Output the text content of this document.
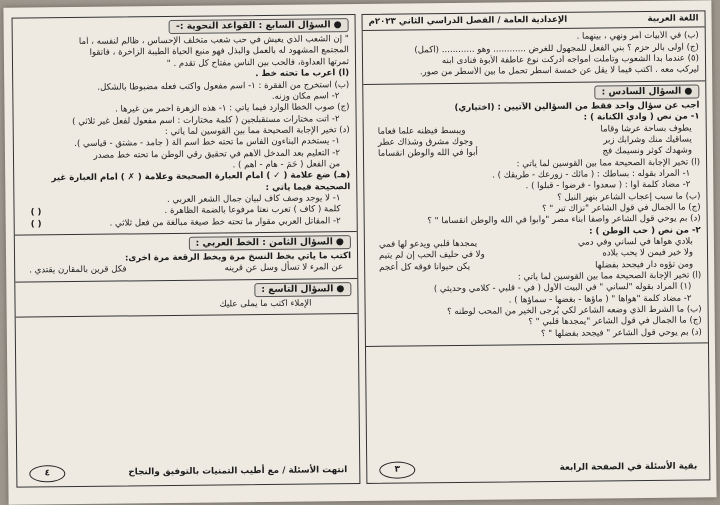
●السؤال السابع : القواعد النحوية :-
" إن الشعب الذي يعيش في حب شعب متخلف الإحساس ، ظالم لنفسه ، أما
المجتمع المشهود له بالعمل والبذل فهو منبع الحياة الطيبة الزاخرة ، فاتقوا
ثمرتها العداوة، فالحب بين الناس مفتاح كل تقدم . "
(أ) أعرب ما تحته خط .
(ب) استخرج من الفقرة : ١- اسم مفعول واكتب فعله مضبوطا بالشكل.
٢- اسم مكان وزنه.
(ج) صوب الخطأ الوارد فيما يأتي : ١- هذه الزهرة أحمر من غيرها .
٢- أتت مختارات مستقبلجين ( كلمة مختارات : اسم مفعول لفعل غير ثلاثي )
(د) تخير الإجابة الصحيحة مما بين القوسين لما يأتي :
١- يستخدم البناءون الفأس ما تحته خط اسم آلة ( جامد - مشتق - قياسي ).
٢- التعليم بعد المدخل الأهم في تحقيق رقي الوطن ما تحته خط مصدر
من الفعل ( حَمَ - هام - أهم ) .
(هـ) ضع علامة ( ✓ ) أمام العبارة الصحيحة وعلامة ( ✗ ) أمام العبارة غير
الصحيحة فيما يأتي :
١- لا يوجد وصف كاف لبيان جمال الشعر العربي .
كلمة ( كاف ) تعرب نعتا مرفوعا بالضمة الظاهرة .
( )
٢- المقاتل العربي مقوار ما تحته خط صيغة مبالغة من فعل ثلاثي .
( )
●السؤال الثامن : الخط العربي :
اكتب ما يأتي بخط النسخ مرة وبخط الرقعة مرة أخرى:
عن المرء لا تسأل وسل عن قرينه
فكل قرين بالمقارن يقتدي .
●السؤال التاسع :
الإملاء اكتب ما يملى عليك
انتهت الأسئلة / مع أطيب التمنيات بالتوفيق والنجاح
٤
اللغة العربية
الإعدادية العامة / الفصل الدراسي الثاني ٢٠٢٣م
(ب) في الأبيات أمر ونهي ، بينهما .
(ج) أولى بالر حزم ؟ بني الفعل للمجهول للغرض ............ وهو ............ (أكمل)
(٥) عندما بدأ الشعوب وتأملت أمواجه أدركت نوع عاطفة الأبوة فنادى ابنه
ليركب معه . اكتب فيما لا يقل عن خمسة أسطر تحمل ما بين الأسطر من صور.
●السؤال السادس :
أجب عن سؤال واحد فقط من السؤالين الآتيين : (اختياري)
١- من نص ( وادي الكنانة ) :
يطوف بساحة عرشا وقاما
ويبسط فيظنه علما فعاما
يساقيك منك وشرابك زبر
وجوك مشرق وشذاك عطر
وشهدك كوثر ونسيمك فج
أبوا في الله والوطن انقساما
(أ) تخير الإجابة الصحيحة مما بين القوسين لما يأتي :
١- المراد بقوله : بساطك : ( مائك - زورعك - طريقك ) .
٢- مضاد كلمة أوا : ( سعدوا - فرضوا - قبلوا ) .
(ب) ما سبب إعجاب الشاعر بنهر النيل ؟
(ج) ما الجمال في قول الشاعر "نزاك تبر " ؟
(د) بم يوحي قول الشاعر واصفا أبناء مصر "وأبوا في الله والوطن انقساما " ؟
٢- من نص ( حب الوطن ) :
بلادي هواها في لساني وفي دمي
يمجدها قلبي ويدعو لها فمي
ولا خير فيمن لا يحب بلاده
ولا في حليف الحب إن لم يتيم
ومن تؤوه دار فيجحد بفضلها
يكن حيوانا فوقه كل أعجم
(أ) تخير الإجابة الصحيحة مما بين القوسين لما يأتي :
(١) المراد بقوله "لساني " في البيت الأول ( في - قلبي - كلامي وحديثي )
٢- مضاد كلمة "هواها " ( مأؤها - بغضها - سماؤها ) .
(ب) ما الشرط الذي وضعه الشاعر لكي يُرجى الخير من المحب لوطنه ؟
(ج) ما الجمال في قول الشاعر "يمجدها قلبي " ؟
(د) بم يوحي قول الشاعر " فيجحد بفضلها " ؟
بقية الأسئلة في الصفحة الرابعة
٣
